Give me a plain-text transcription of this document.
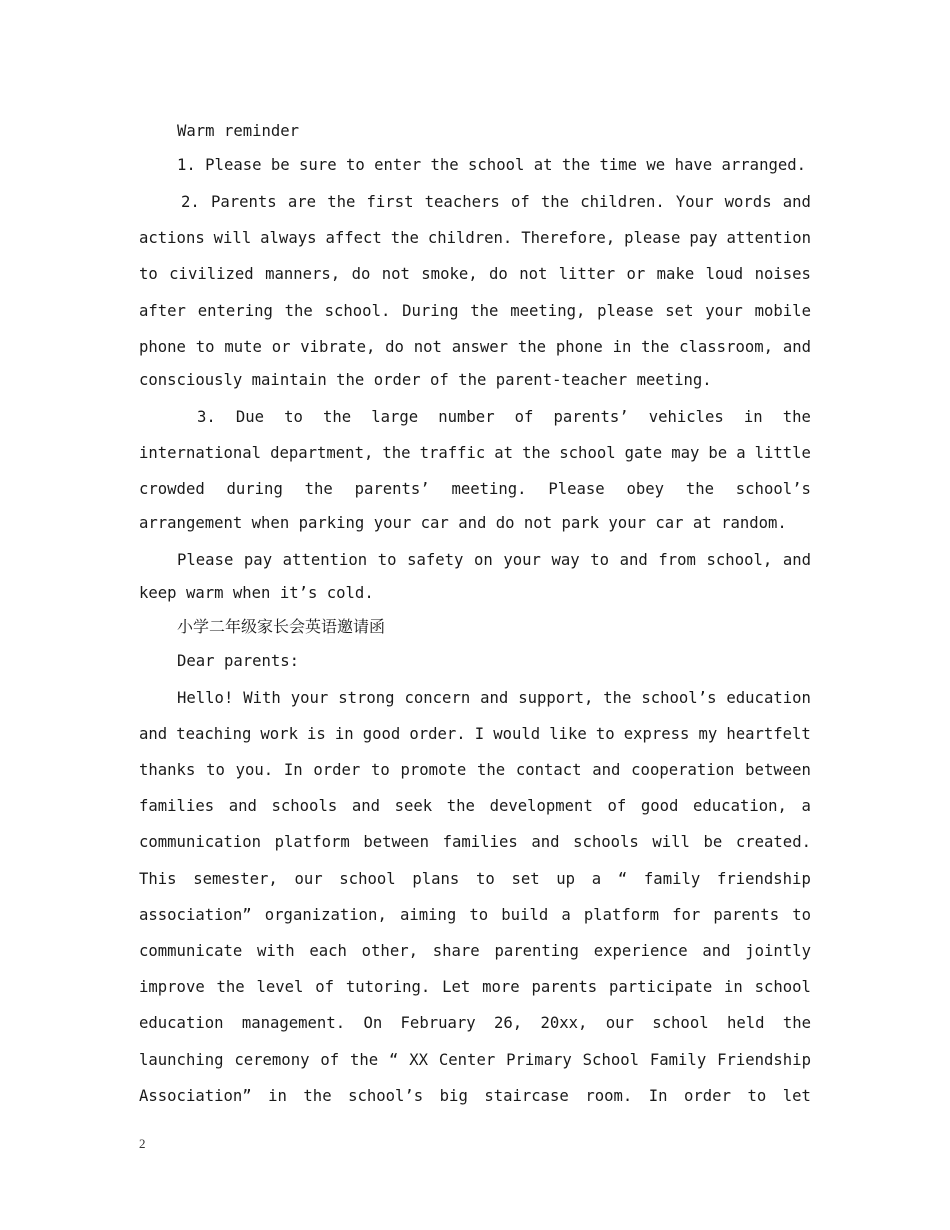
Warm reminder
1. Please be sure to enter the school at the time we have arranged.
2. Parents are the first teachers of the children. Your words and
actions will always affect the children. Therefore, please pay attention
to civilized manners, do not smoke, do not litter or make loud noises
after entering the school. During the meeting, please set your mobile
phone to mute or vibrate, do not answer the phone in the classroom, and
consciously maintain the order of the parent-teacher meeting.
3. Due to the large number of parents’ vehicles in the
international department, the traffic at the school gate may be a little
crowded during the parents’ meeting. Please obey the school’s
arrangement when parking your car and do not park your car at random.
Please pay attention to safety on your way to and from school, and
keep warm when it’s cold.
小学二年级家长会英语邀请函
Dear parents:
Hello! With your strong concern and support, the school’s education
and teaching work is in good order. I would like to express my heartfelt
thanks to you. In order to promote the contact and cooperation between
families and schools and seek the development of good education, a
communication platform between families and schools will be created.
This semester, our school plans to set up a “ family friendship
association” organization, aiming to build a platform for parents to
communicate with each other, share parenting experience and jointly
improve the level of tutoring. Let more parents participate in school
education management. On February 26, 20xx, our school held the
launching ceremony of the “ XX Center Primary School Family Friendship
Association” in the school’s big staircase room. In order to let
2
